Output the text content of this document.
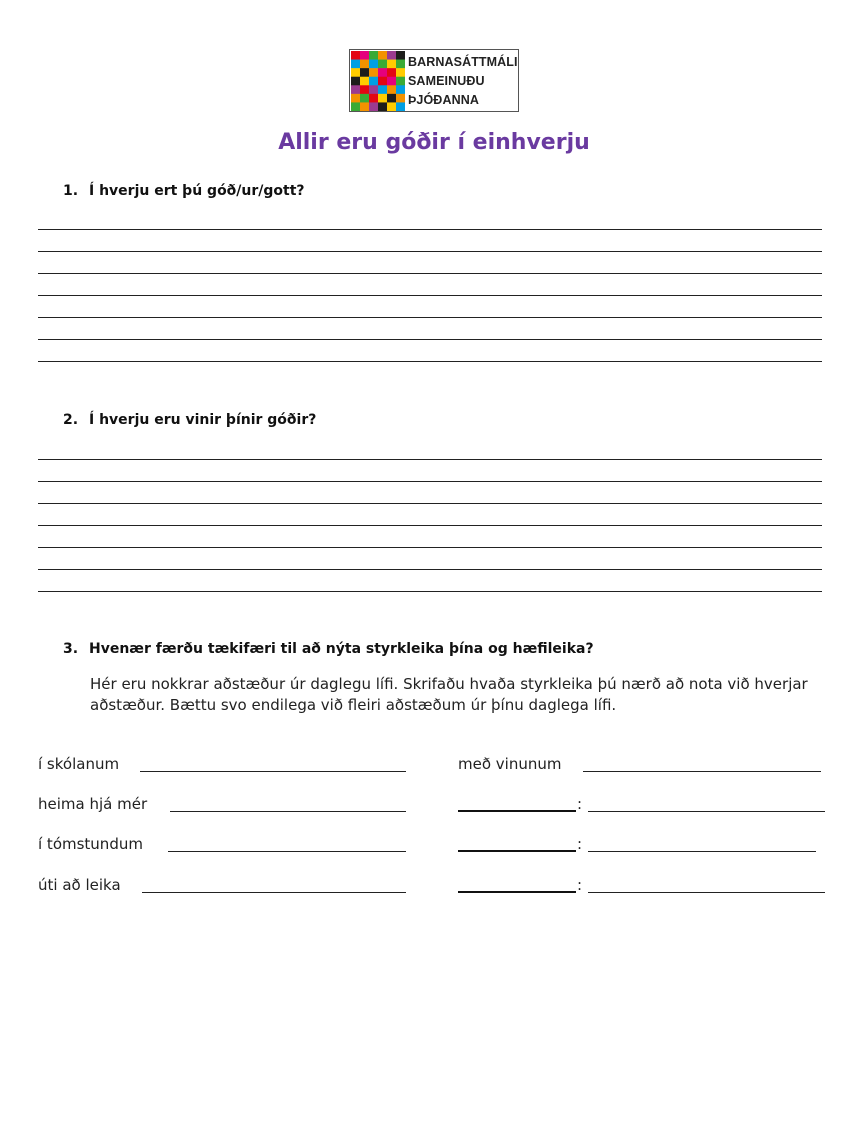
BARNASÁTTMÁLI
SAMEINUÐU
ÞJÓÐANNA
Allir eru góðir í einhverju
1. Í hverju ert þú góð/ur/gott?
2. Í hverju eru vinir þínir góðir?
3. Hvenær færðu tækifæri til að nýta styrkleika þína og hæfileika?
Hér eru nokkrar aðstæður úr daglegu lífi. Skrifaðu hvaða styrkleika þú nærð að nota við hverjar aðstæður. Bættu svo endilega við fleiri aðstæðum úr þínu daglega lífi.
í skólanum
heima hjá mér
í tómstundum
úti að leika
með vinunum
:
:
:
